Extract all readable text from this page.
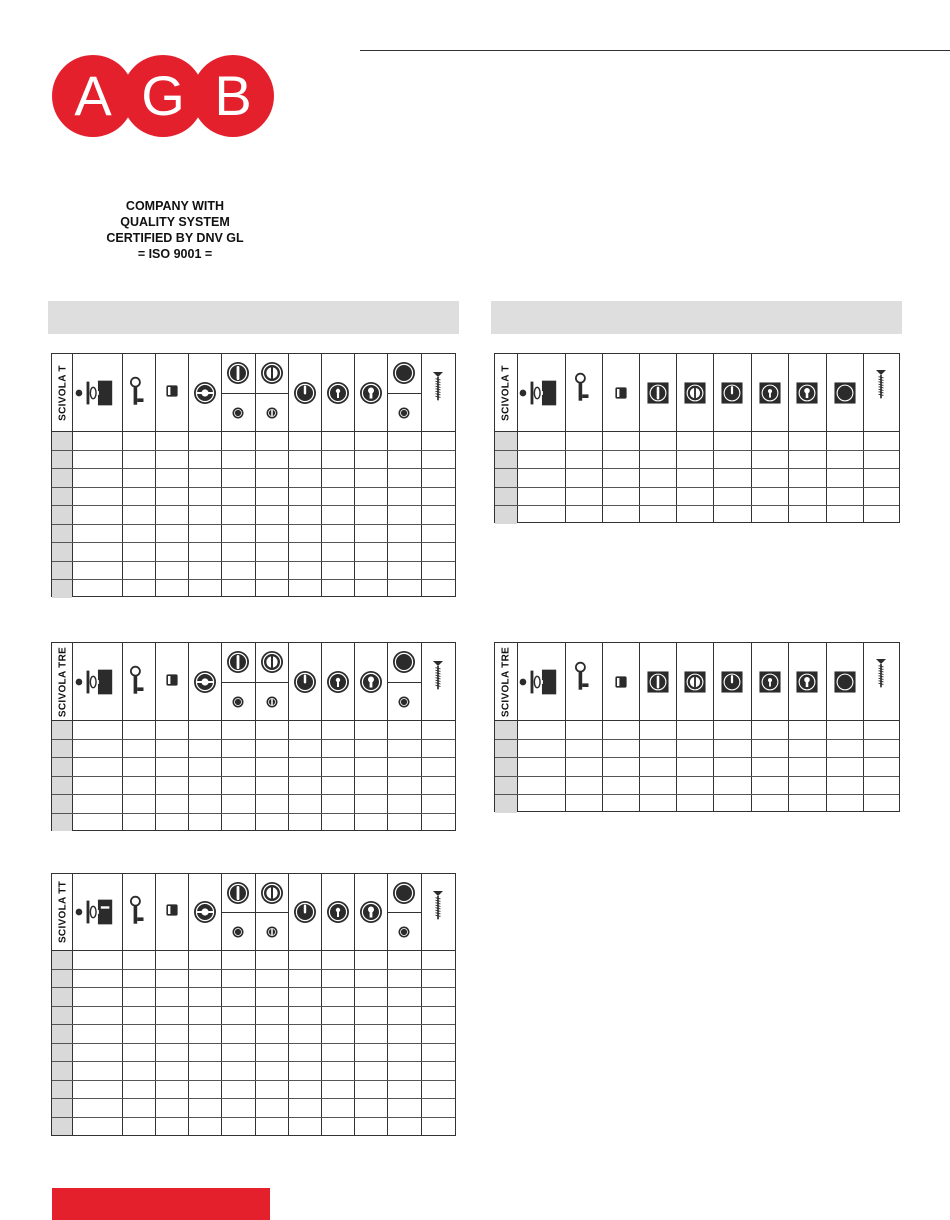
A G B
COMPANY WITH
QUALITY SYSTEM
CERTIFIED BY DNV GL
= ISO 9001 =
SCIVOLA T
SCIVOLA TRE
SCIVOLA TT
SCIVOLA T
SCIVOLA TRE
